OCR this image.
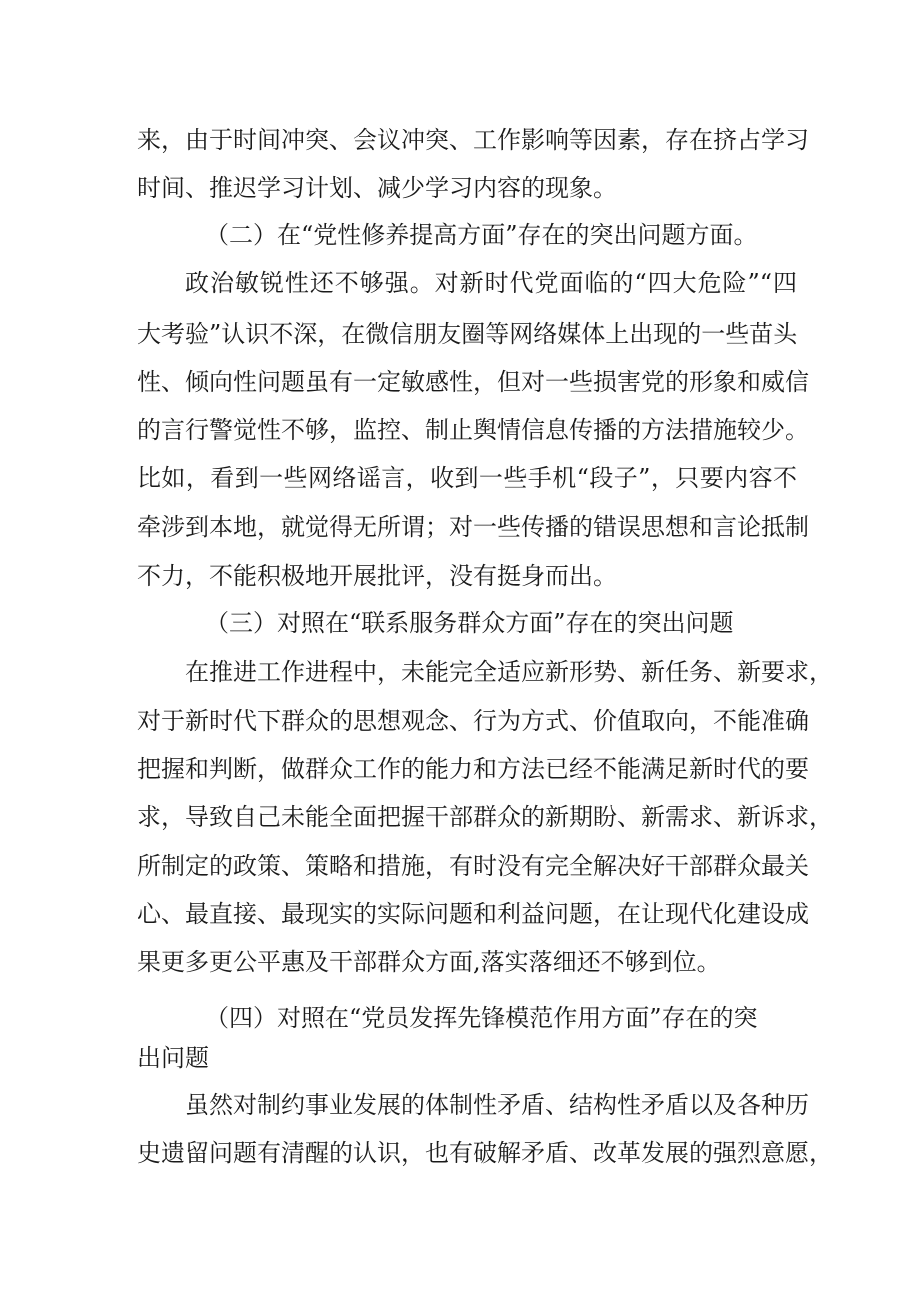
来，由于时间冲突、会议冲突、工作影响等因素，存在挤占学习
时间、推迟学习计划、减少学习内容的现象。
（二）在“党性修养提高方面”存在的突出问题方面。
政治敏锐性还不够强。对新时代党面临的“四大危险”“四
大考验”认识不深，在微信朋友圈等网络媒体上出现的一些苗头
性、倾向性问题虽有一定敏感性，但对一些损害党的形象和威信
的言行警觉性不够，监控、制止舆情信息传播的方法措施较少。
比如，看到一些网络谣言，收到一些手机“段子”，只要内容不
牵涉到本地，就觉得无所谓；对一些传播的错误思想和言论抵制
不力，不能积极地开展批评，没有挺身而出。
（三）对照在“联系服务群众方面”存在的突出问题
在推进工作进程中，未能完全适应新形势、新任务、新要求，
对于新时代下群众的思想观念、行为方式、价值取向，不能准确
把握和判断，做群众工作的能力和方法已经不能满足新时代的要
求，导致自己未能全面把握干部群众的新期盼、新需求、新诉求，
所制定的政策、策略和措施，有时没有完全解决好干部群众最关
心、最直接、最现实的实际问题和利益问题，在让现代化建设成
果更多更公平惠及干部群众方面,落实落细还不够到位。
（四）对照在“党员发挥先锋模范作用方面”存在的突
出问题
虽然对制约事业发展的体制性矛盾、结构性矛盾以及各种历
史遗留问题有清醒的认识，也有破解矛盾、改革发展的强烈意愿，
